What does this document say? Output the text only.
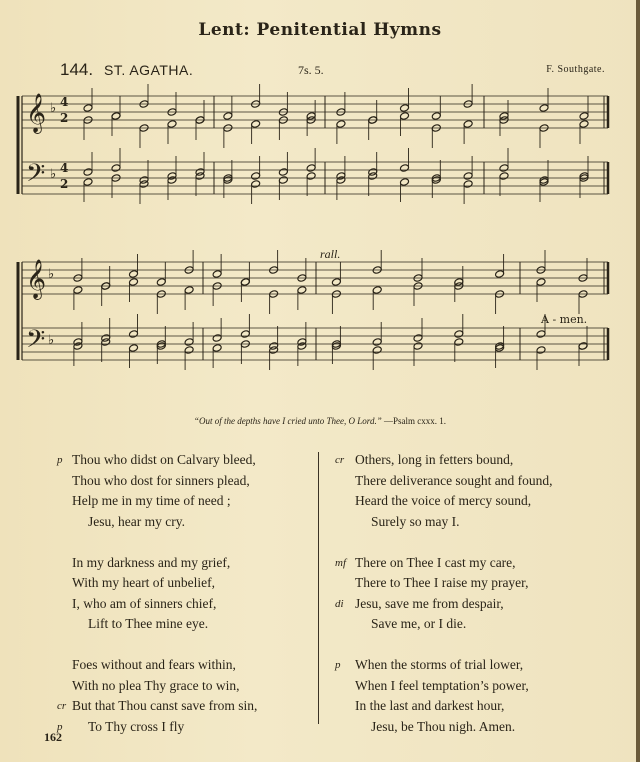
Lent: Penitential Hymns
144. ST. AGATHA.	7s. 5.	F. Southgate.
𝄞
𝄢
𝄞
𝄢
♭
♭
♭
♭
4
2
4
2
rall.
A - men.
“Out of the depths have I cried unto Thee, O Lord.” —Psalm cxxx. 1.
p Thou who didst on Calvary bleed,
Thou who dost for sinners plead,
Help me in my time of need ;
Jesu, hear my cry.
In my darkness and my grief,
With my heart of unbelief,
I, who am of sinners chief,
Lift to Thee mine eye.
Foes without and fears within,
With no plea Thy grace to win,
cr But that Thou canst save from sin,
p To Thy cross I fly
cr Others, long in fetters bound,
There deliverance sought and found,
Heard the voice of mercy sound,
Surely so may I.
mf There on Thee I cast my care,
There to Thee I raise my prayer,
di Jesu, save me from despair,
Save me, or I die.
p When the storms of trial lower,
When I feel temptation’s power,
In the last and darkest hour,
Jesu, be Thou nigh. Amen.
162
